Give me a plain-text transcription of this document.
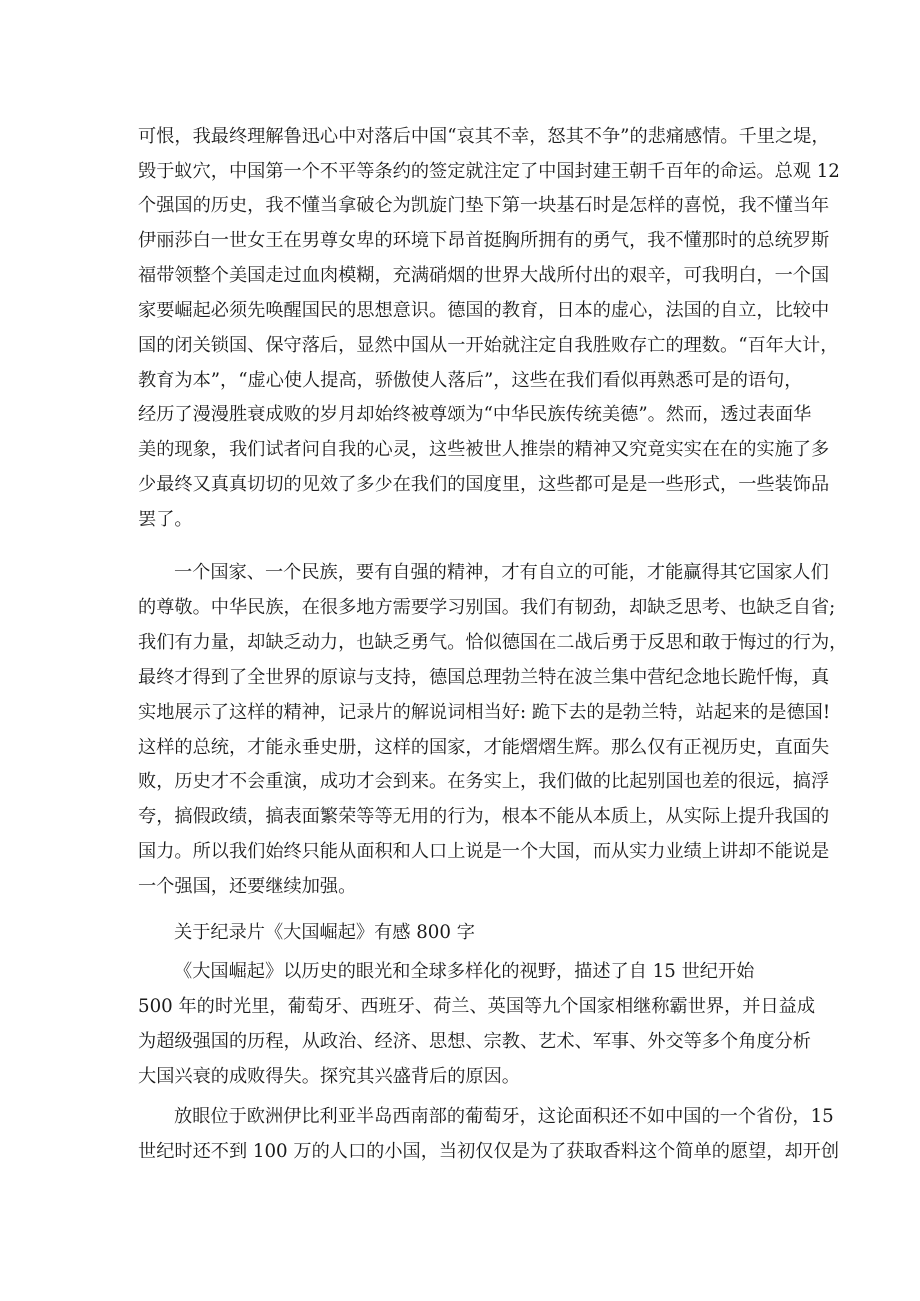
可恨，我最终理解鲁迅心中对落后中国“哀其不幸，怒其不争”的悲痛感情。千里之堤，
毁于蚁穴，中国第一个不平等条约的签定就注定了中国封建王朝千百年的命运。总观 12
个强国的历史，我不懂当拿破仑为凯旋门垫下第一块基石时是怎样的喜悦，我不懂当年
伊丽莎白一世女王在男尊女卑的环境下昂首挺胸所拥有的勇气，我不懂那时的总统罗斯
福带领整个美国走过血肉模糊，充满硝烟的世界大战所付出的艰辛，可我明白，一个国
家要崛起必须先唤醒国民的思想意识。德国的教育，日本的虚心，法国的自立，比较中
国的闭关锁国、保守落后，显然中国从一开始就注定自我胜败存亡的理数。“百年大计，
教育为本”，“虚心使人提高，骄傲使人落后”，这些在我们看似再熟悉可是的语句，
经历了漫漫胜衰成败的岁月却始终被尊颂为“中华民族传统美德”。然而，透过表面华
美的现象，我们试者问自我的心灵，这些被世人推崇的精神又究竟实实在在的实施了多
少最终又真真切切的见效了多少在我们的国度里，这些都可是是一些形式，一些装饰品
罢了。
一个国家、一个民族，要有自强的精神，才有自立的可能，才能赢得其它国家人们
的尊敬。中华民族，在很多地方需要学习别国。我们有韧劲，却缺乏思考、也缺乏自省;
我们有力量，却缺乏动力，也缺乏勇气。恰似德国在二战后勇于反思和敢于悔过的行为，
最终才得到了全世界的原谅与支持，德国总理勃兰特在波兰集中营纪念地长跪忏悔，真
实地展示了这样的精神，记录片的解说词相当好: 跪下去的是勃兰特，站起来的是德国!
这样的总统，才能永垂史册，这样的国家，才能熠熠生辉。那么仅有正视历史，直面失
败，历史才不会重演，成功才会到来。在务实上，我们做的比起别国也差的很远，搞浮
夸，搞假政绩，搞表面繁荣等等无用的行为，根本不能从本质上，从实际上提升我国的
国力。所以我们始终只能从面积和人口上说是一个大国，而从实力业绩上讲却不能说是
一个强国，还要继续加强。
关于纪录片《大国崛起》有感 800 字
《大国崛起》以历史的眼光和全球多样化的视野，描述了自 15 世纪开始
500 年的时光里，葡萄牙、西班牙、荷兰、英国等九个国家相继称霸世界，并日益成
为超级强国的历程，从政治、经济、思想、宗教、艺术、军事、外交等多个角度分析
大国兴衰的成败得失。探究其兴盛背后的原因。
放眼位于欧洲伊比利亚半岛西南部的葡萄牙，这论面积还不如中国的一个省份，15
世纪时还不到 100 万的人口的小国，当初仅仅是为了获取香料这个简单的愿望，却开创
